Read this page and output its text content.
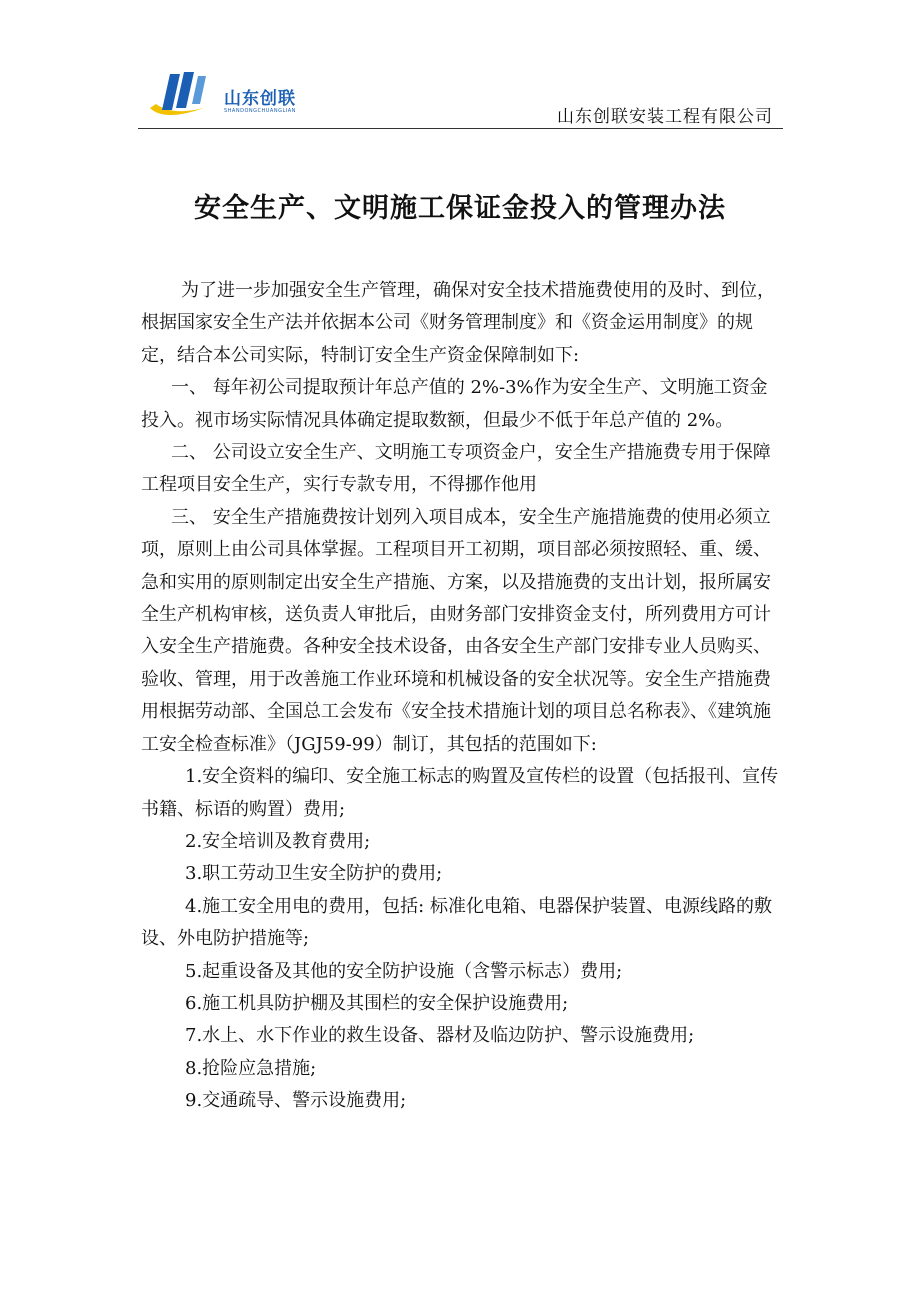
山东创联
SHANDONGCHUANGLIAN	山东创联安装工程有限公司
安全生产、文明施工保证金投入的管理办法

为了进一步加强安全生产管理，确保对安全技术措施费使用的及时、到位，根据国家安全生产法并依据本公司《财务管理制度》和《资金运用制度》的规定，结合本公司实际，特制订安全生产资金保障制如下:

一、 每年初公司提取预计年总产值的 2%-3%作为安全生产、文明施工资金投入。视市场实际情况具体确定提取数额，但最少不低于年总产值的 2%。

二、 公司设立安全生产、文明施工专项资金户，安全生产措施费专用于保障工程项目安全生产，实行专款专用，不得挪作他用

三、 安全生产措施费按计划列入项目成本，安全生产施措施费的使用必须立项，原则上由公司具体掌握。工程项目开工初期，项目部必须按照轻、重、缓、急和实用的原则制定出安全生产措施、方案，以及措施费的支出计划，报所属安全生产机构审核，送负责人审批后，由财务部门安排资金支付，所列费用方可计入安全生产措施费。各种安全技术设备，由各安全生产部门安排专业人员购买、验收、管理，用于改善施工作业环境和机械设备的安全状况等。安全生产措施费用根据劳动部、全国总工会发布《安全技术措施计划的项目总名称表》、《建筑施工安全检查标准》（JGJ59-99）制订，其包括的范围如下:

1.安全资料的编印、安全施工标志的购置及宣传栏的设置（包括报刊、宣传书籍、标语的购置）费用;

2.安全培训及教育费用;

3.职工劳动卫生安全防护的费用;

4.施工安全用电的费用，包括: 标准化电箱、电器保护装置、电源线路的敷设、外电防护措施等;

5.起重设备及其他的安全防护设施（含警示标志）费用;

6.施工机具防护棚及其围栏的安全保护设施费用;

7.水上、水下作业的救生设备、器材及临边防护、警示设施费用;

8.抢险应急措施;

9.交通疏导、警示设施费用;
